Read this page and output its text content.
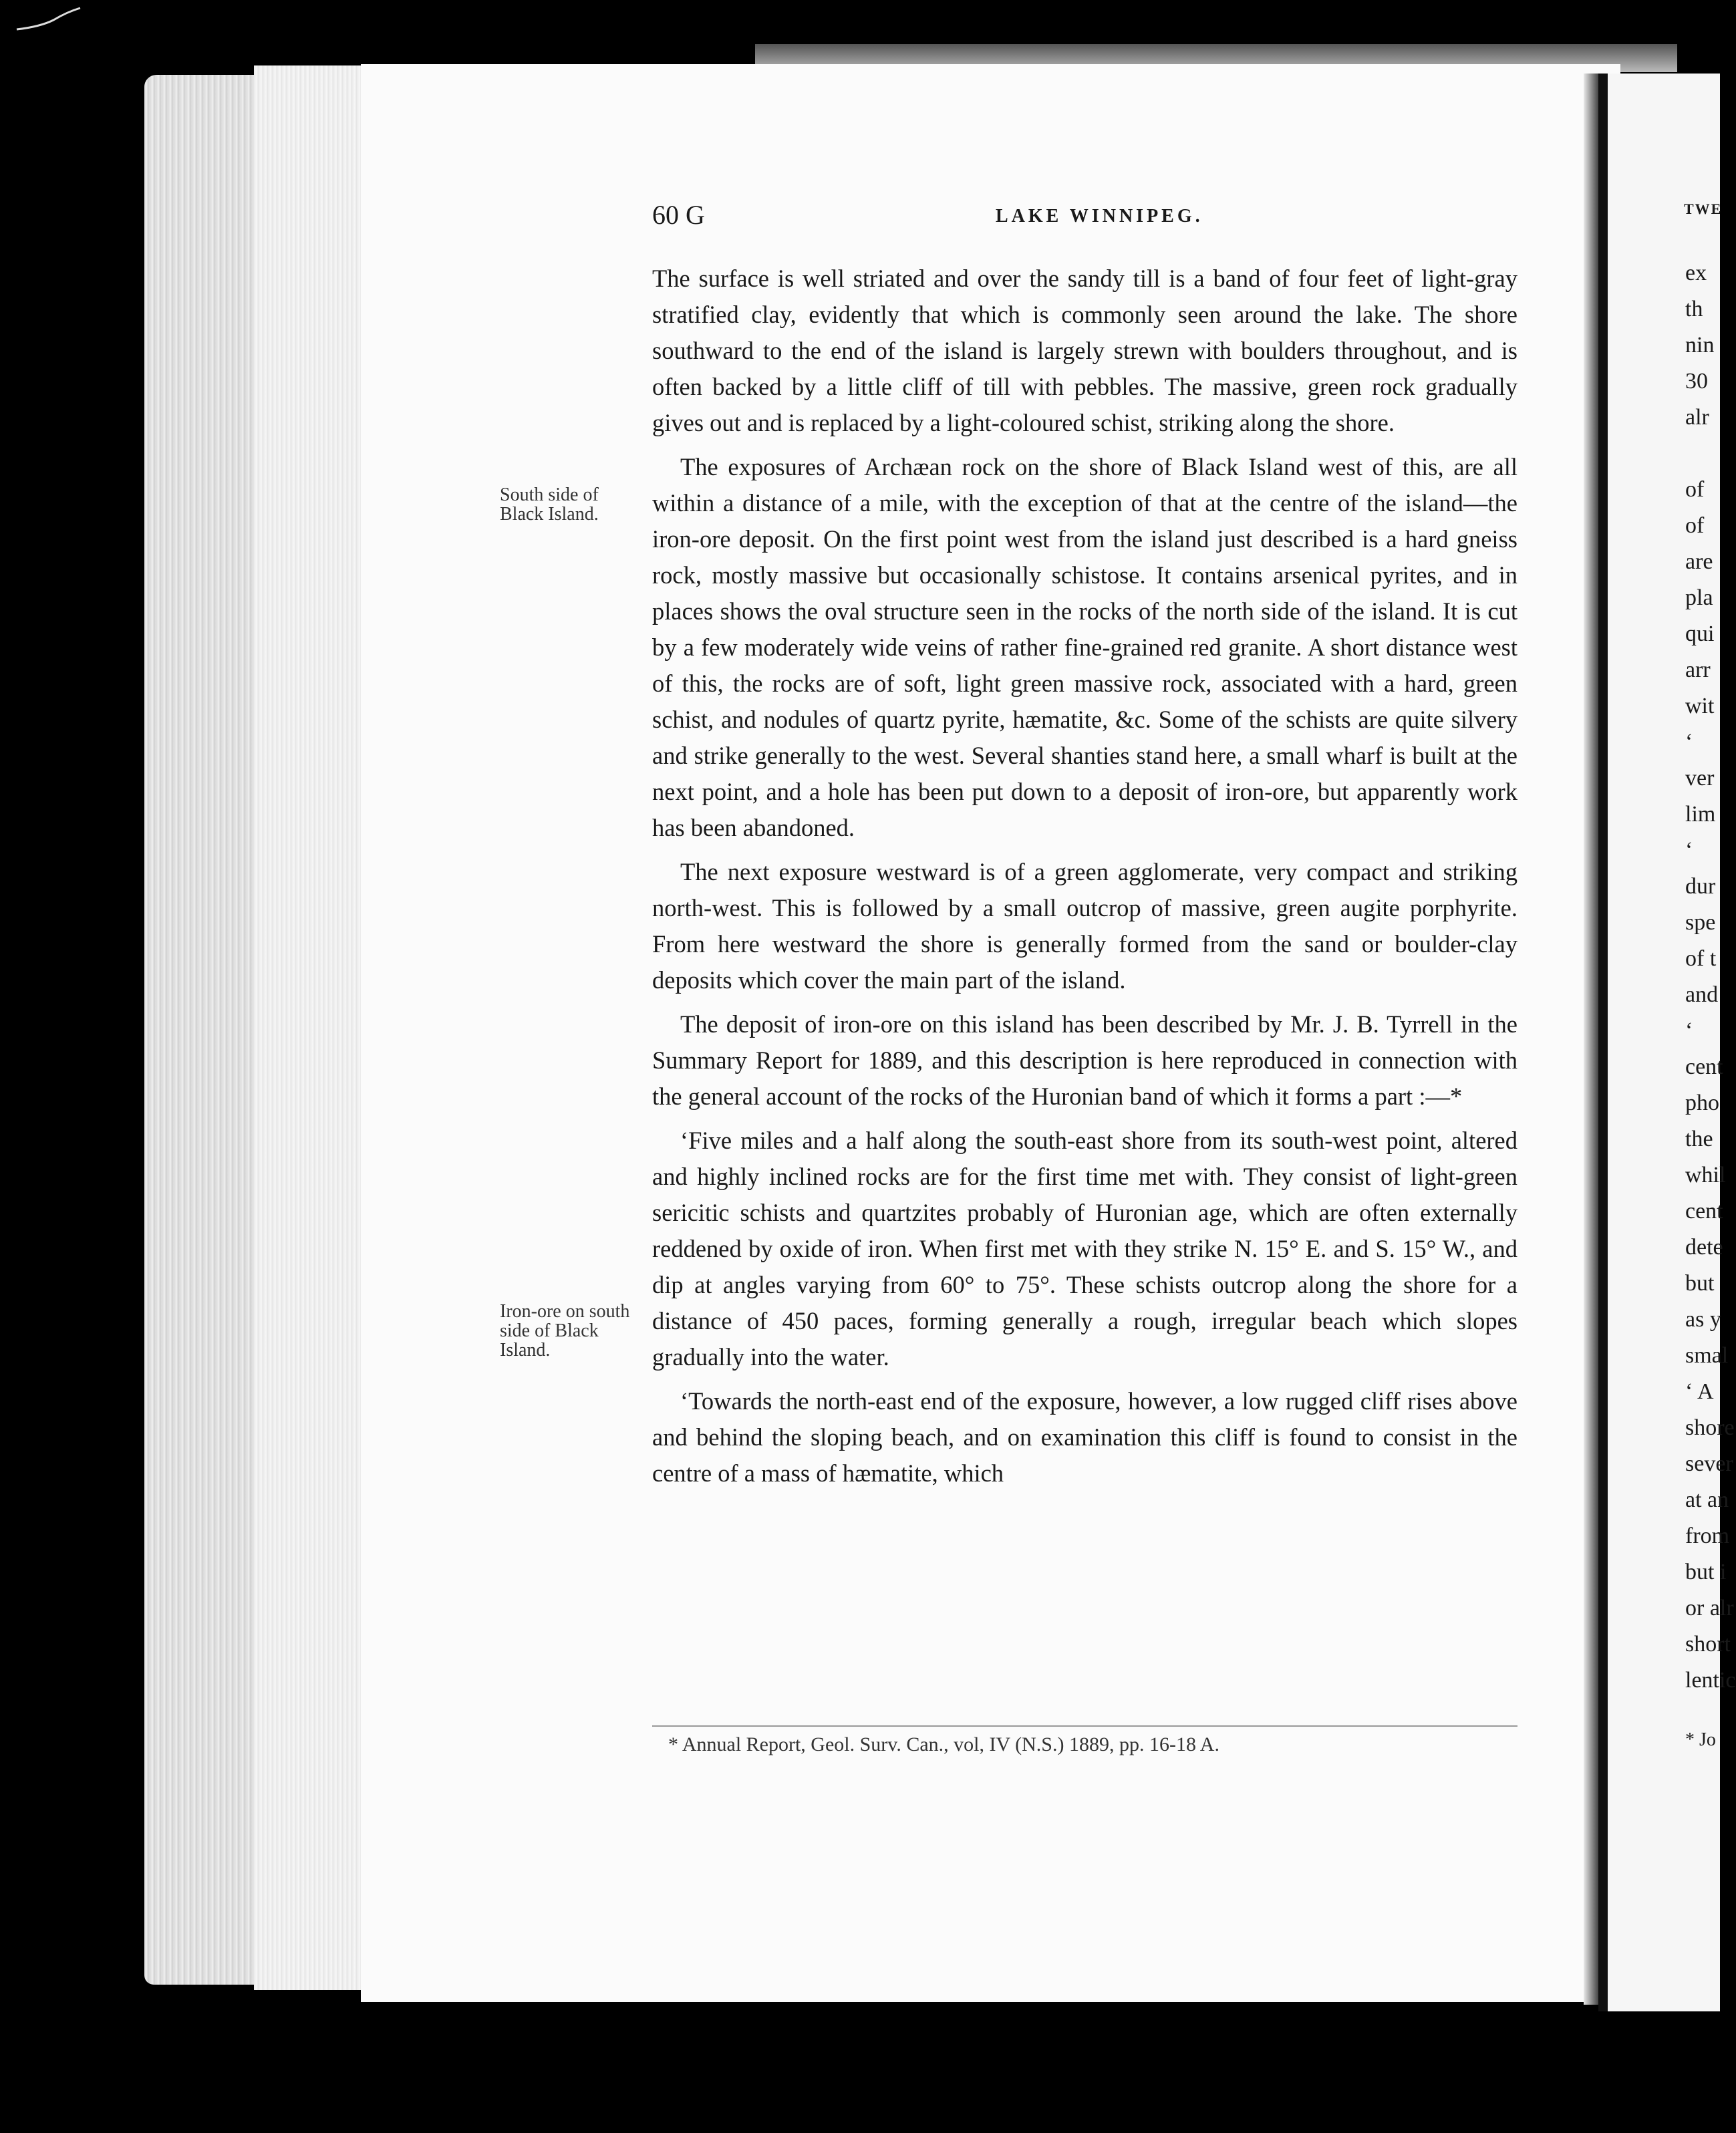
60 G	LAKE WINNIPEG.
South side of Black Island.
Iron-ore on south side of Black Island.

The surface is well striated and over the sandy till is a band of four feet of light-gray stratified clay, evidently that which is commonly seen around the lake. The shore southward to the end of the island is largely strewn with boulders throughout, and is often backed by a little cliff of till with pebbles. The massive, green rock gradually gives out and is replaced by a light-coloured schist, striking along the shore.

The exposures of Archæan rock on the shore of Black Island west of this, are all within a distance of a mile, with the exception of that at the centre of the island—the iron-ore deposit. On the first point west from the island just described is a hard gneiss rock, mostly massive but occasionally schistose. It contains arsenical pyrites, and in places shows the oval structure seen in the rocks of the north side of the island. It is cut by a few moderately wide veins of rather fine-grained red granite. A short distance west of this, the rocks are of soft, light green massive rock, associated with a hard, green schist, and nodules of quartz pyrite, hæmatite, &c. Some of the schists are quite silvery and strike generally to the west. Several shanties stand here, a small wharf is built at the next point, and a hole has been put down to a deposit of iron-ore, but apparently work has been abandoned.

The next exposure westward is of a green agglomerate, very compact and striking north-west. This is followed by a small outcrop of massive, green augite porphyrite. From here westward the shore is generally formed from the sand or boulder-clay deposits which cover the main part of the island.

The deposit of iron-ore on this island has been described by Mr. J. B. Tyrrell in the Summary Report for 1889, and this description is here reproduced in connection with the general account of the rocks of the Huronian band of which it forms a part :—*

‘Five miles and a half along the south-east shore from its south-west point, altered and highly inclined rocks are for the first time met with. They consist of light-green sericitic schists and quartzites probably of Huronian age, which are often externally reddened by oxide of iron. When first met with they strike N. 15° E. and S. 15° W., and dip at angles varying from 60° to 75°. These schists outcrop along the shore for a distance of 450 paces, forming generally a rough, irregular beach which slopes gradually into the water.

‘Towards the north-east end of the exposure, however, a low rugged cliff rises above and behind the sloping beach, and on examination this cliff is found to consist in the centre of a mass of hæmatite, which

* Annual Report, Geol. Surv. Can., vol, IV (N.S.) 1889, pp. 16-18 A.
TWE
ex
th
nin
30
alr

of
of
are
pla
qui
arr
wit
‘
ver
lim
‘
dur
spe
of t
and
‘
cent
pho
the
whil
cent
dete
but
as y
smal
‘ A
shore
sever
at an
from
but i
or alr
short
lentic
* Jo
